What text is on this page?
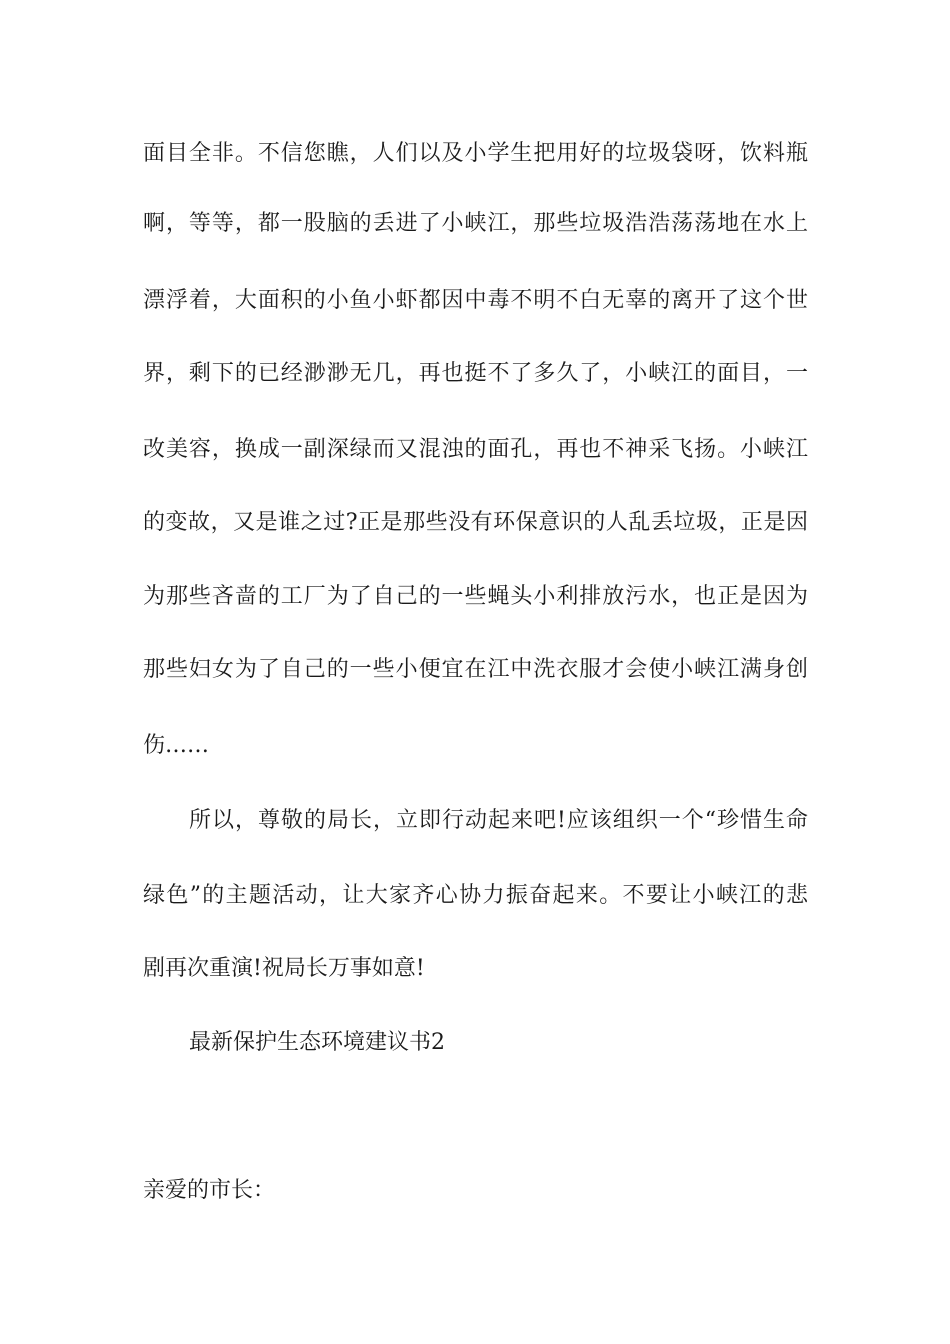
面目全非。不信您瞧，人们以及小学生把用好的垃圾袋呀，饮料瓶
啊，等等，都一股脑的丢进了小峡江，那些垃圾浩浩荡荡地在水上
漂浮着，大面积的小鱼小虾都因中毒不明不白无辜的离开了这个世
界，剩下的已经渺渺无几，再也挺不了多久了，小峡江的面目，一
改美容，换成一副深绿而又混浊的面孔，再也不神采飞扬。小峡江
的变故，又是谁之过?正是那些没有环保意识的人乱丢垃圾，正是因
为那些吝啬的工厂为了自己的一些蝇头小利排放污水，也正是因为
那些妇女为了自己的一些小便宜在江中洗衣服才会使小峡江满身创
伤……
所以，尊敬的局长，立即行动起来吧!应该组织一个“珍惜生命
绿色”的主题活动，让大家齐心协力振奋起来。不要让小峡江的悲
剧再次重演!祝局长万事如意!
最新保护生态环境建议书2
亲爱的市长：
